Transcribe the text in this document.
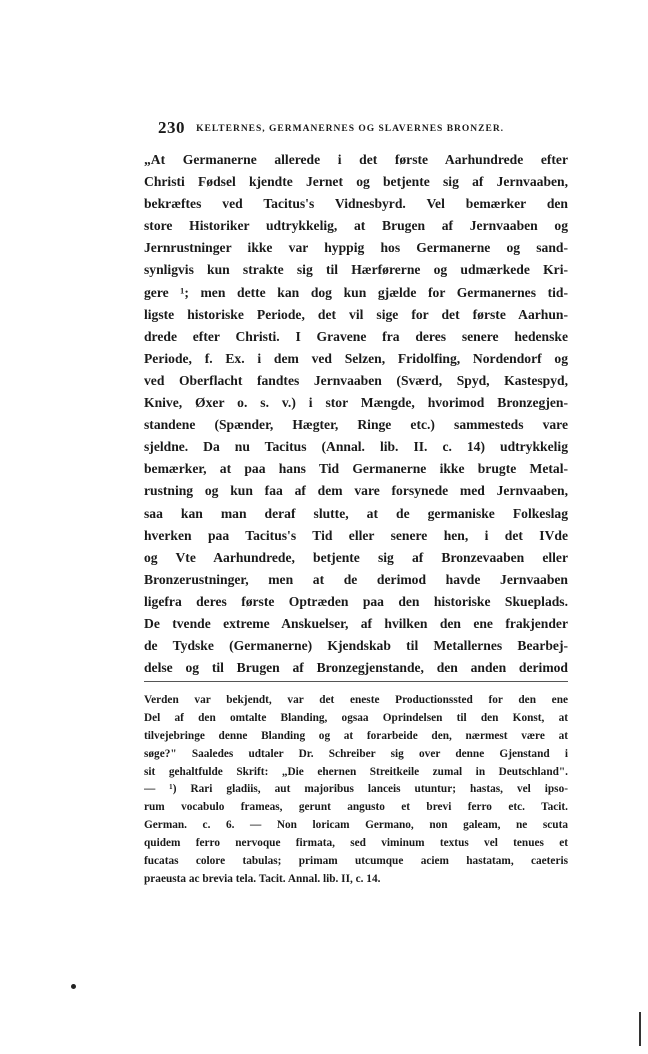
230 KELTERNES, GERMANERNES OG SLAVERNES BRONZER.
„At Germanerne allerede i det første Aarhundrede efter
Christi Fødsel kjendte Jernet og betjente sig af Jernvaaben,
bekræftes ved Tacitus's Vidnesbyrd. Vel bemærker den
store Historiker udtrykkelig, at Brugen af Jernvaaben og
Jernrustninger ikke var hyppig hos Germanerne og sand-
synligvis kun strakte sig til Hærførerne og udmærkede Kri-
gere ¹; men dette kan dog kun gjælde for Germanernes tid-
ligste historiske Periode, det vil sige for det første Aarhun-
drede efter Christi. I Gravene fra deres senere hedenske
Periode, f. Ex. i dem ved Selzen, Fridolfing, Nordendorf og
ved Oberflacht fandtes Jernvaaben (Sværd, Spyd, Kastespyd,
Knive, Øxer o. s. v.) i stor Mængde, hvorimod Bronzegjen-
standene (Spænder, Hægter, Ringe etc.) sammesteds vare
sjeldne. Da nu Tacitus (Annal. lib. II. c. 14) udtrykkelig
bemærker, at paa hans Tid Germanerne ikke brugte Metal-
rustning og kun faa af dem vare forsynede med Jernvaaben,
saa kan man deraf slutte, at de germaniske Folkeslag
hverken paa Tacitus's Tid eller senere hen, i det IVde
og Vte Aarhundrede, betjente sig af Bronzevaaben eller
Bronzerustninger, men at de derimod havde Jernvaaben
ligefra deres første Optræden paa den historiske Skueplads.
De tvende extreme Anskuelser, af hvilken den ene frakjender
de Tydske (Germanerne) Kjendskab til Metallernes Bearbej-
delse og til Brugen af Bronzegjenstande, den anden derimod
Verden var bekjendt, var det eneste Productionssted for den ene
Del af den omtalte Blanding, ogsaa Oprindelsen til den Konst, at
tilvejebringe denne Blanding og at forarbeide den, nærmest være at
søge?" Saaledes udtaler Dr. Schreiber sig over denne Gjenstand i
sit gehaltfulde Skrift: „Die ehernen Streitkeile zumal in Deutschland".
— ¹) Rari gladiis, aut majoribus lanceis utuntur; hastas, vel ipso-
rum vocabulo frameas, gerunt angusto et brevi ferro etc. Tacit.
German. c. 6. — Non loricam Germano, non galeam, ne scuta
quidem ferro nervoque firmata, sed viminum textus vel tenues et
fucatas colore tabulas; primam utcumque aciem hastatam, caeteris
praeusta ac brevia tela. Tacit. Annal. lib. II, c. 14.
